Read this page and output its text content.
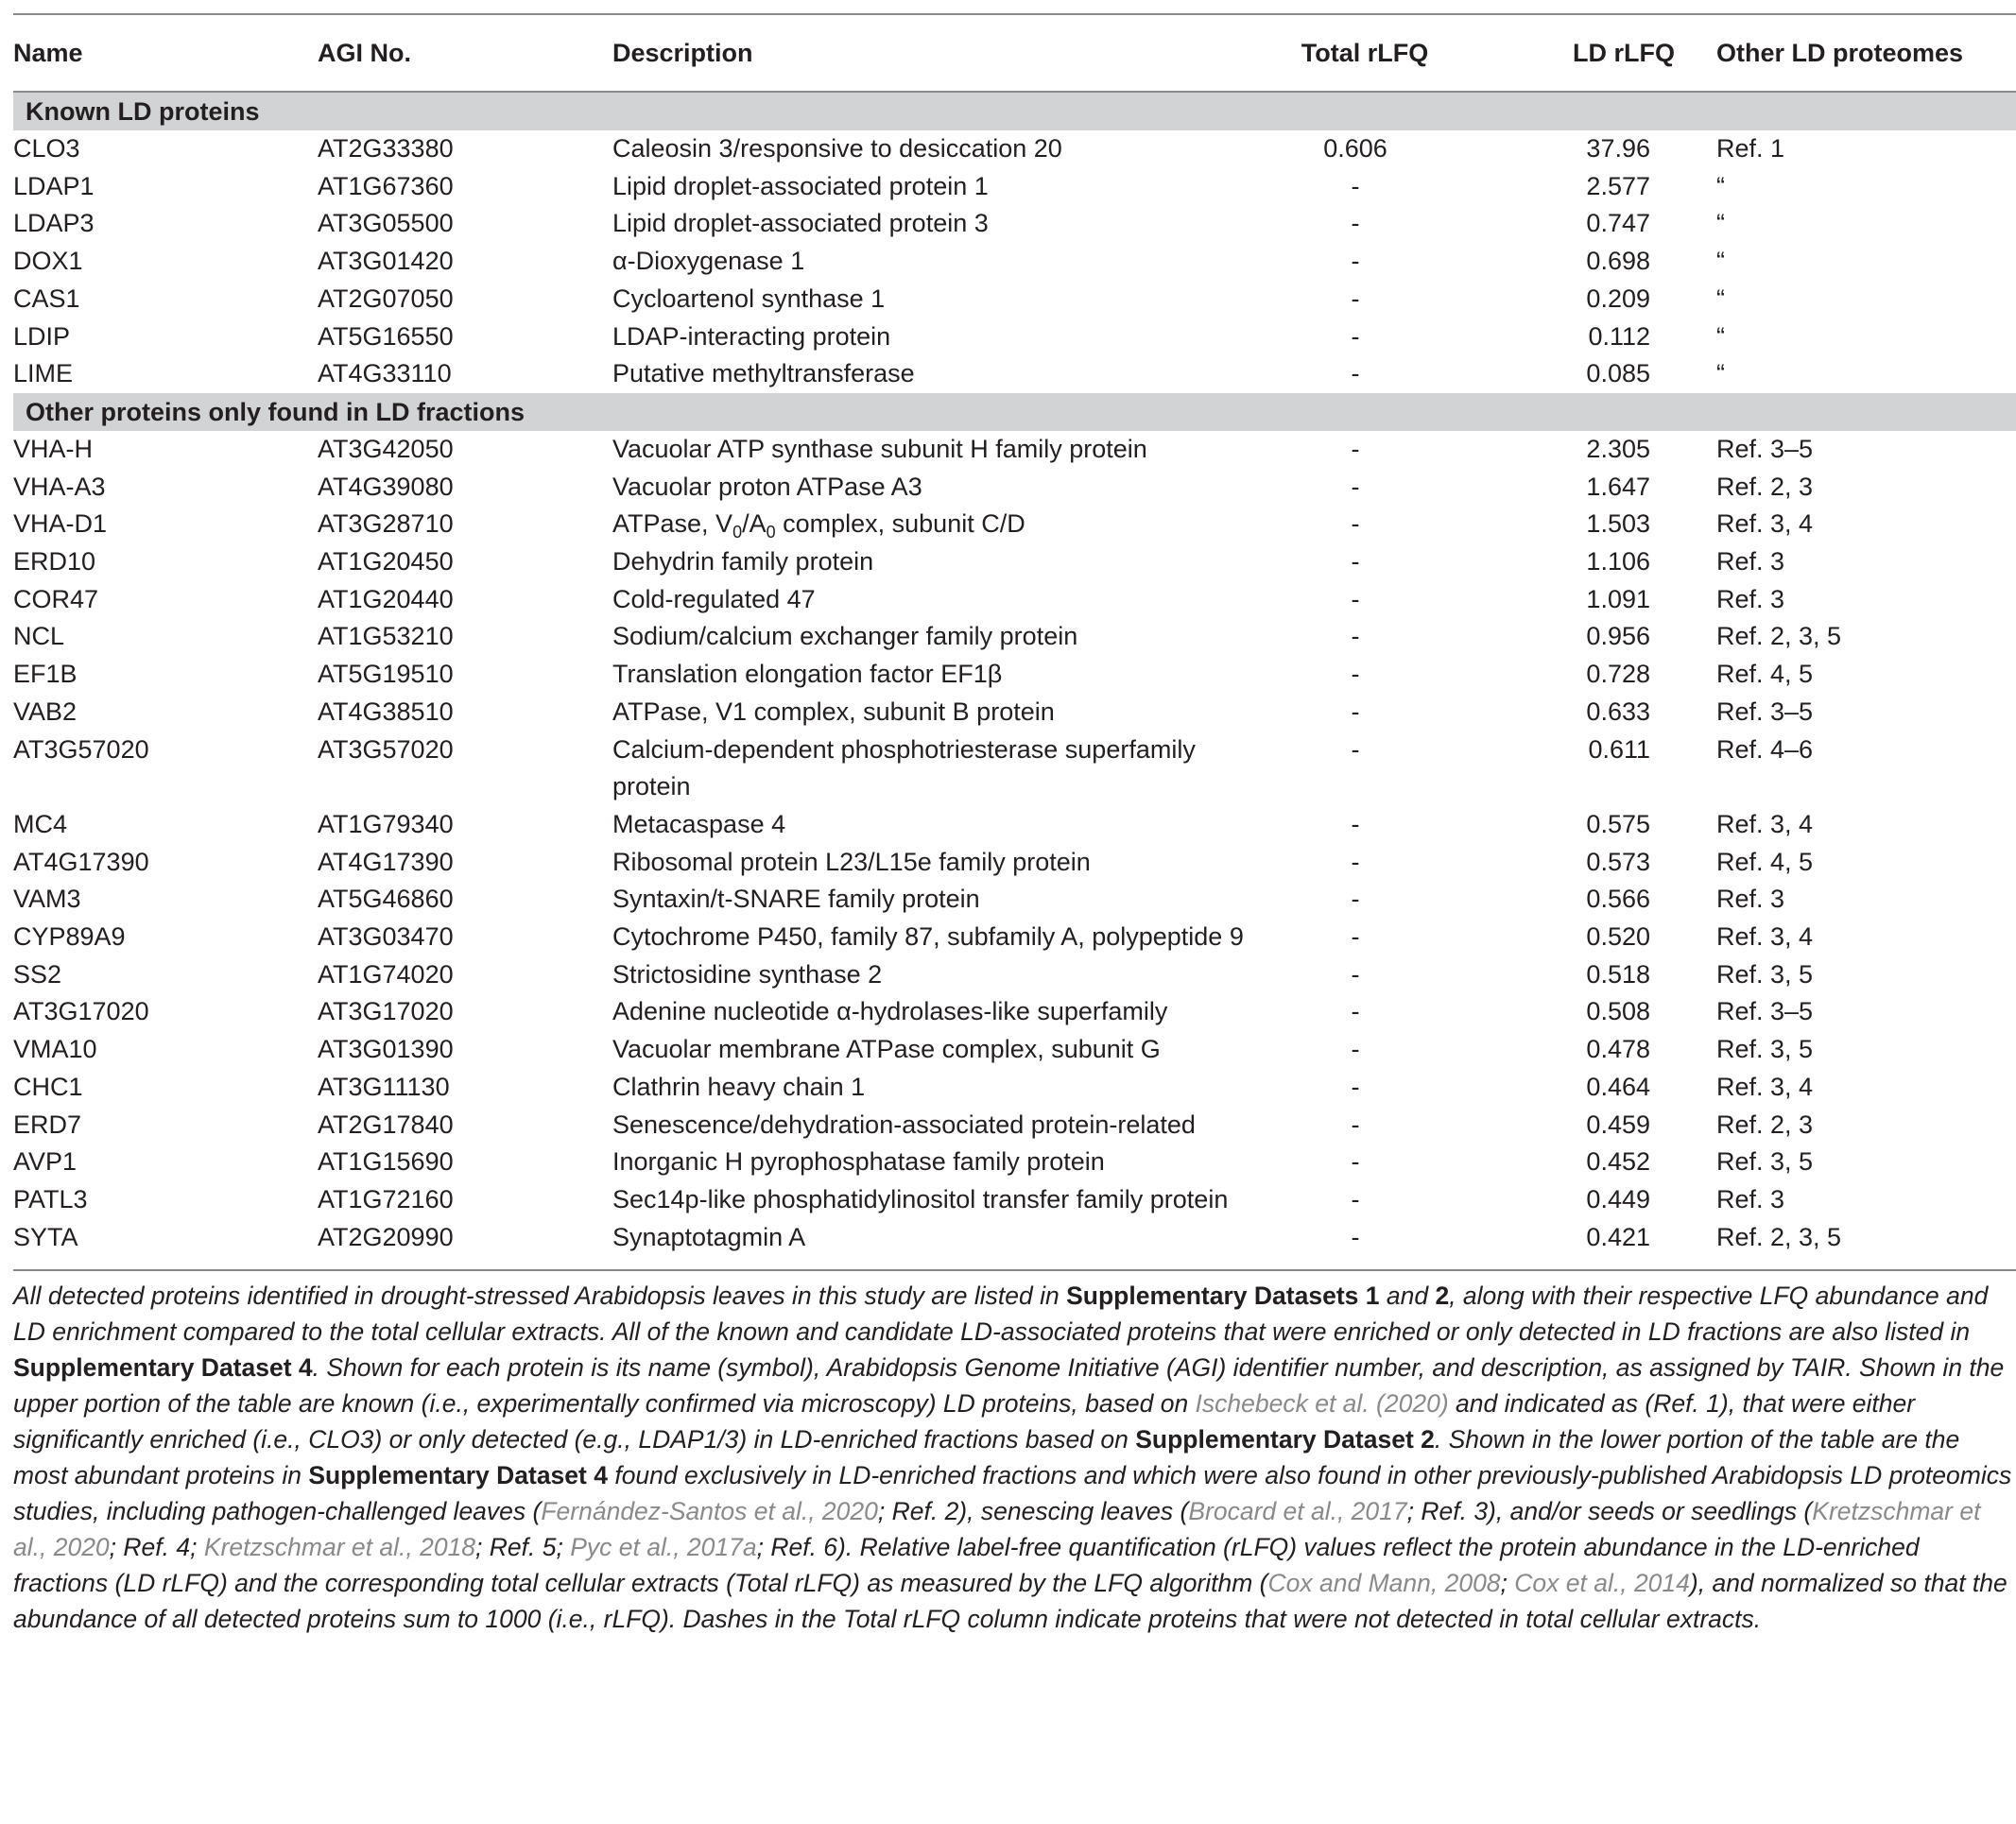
Name	AGI No.	Description	Total rLFQ	LD rLFQ	Other LD proteomes
Known LD proteins					
CLO3	AT2G33380	Caleosin 3/responsive to desiccation 20	0.606	37.96	Ref. 1
LDAP1	AT1G67360	Lipid droplet-associated protein 1	-	2.577	“
LDAP3	AT3G05500	Lipid droplet-associated protein 3	-	0.747	“
DOX1	AT3G01420	α-Dioxygenase 1	-	0.698	“
CAS1	AT2G07050	Cycloartenol synthase 1	-	0.209	“
LDIP	AT5G16550	LDAP-interacting protein	-	0.112	“
LIME	AT4G33110	Putative methyltransferase	-	0.085	“
Other proteins only found in LD fractions					
VHA-H	AT3G42050	Vacuolar ATP synthase subunit H family protein	-	2.305	Ref. 3–5
VHA-A3	AT4G39080	Vacuolar proton ATPase A3	-	1.647	Ref. 2, 3
VHA-D1	AT3G28710	ATPase, $V_0/A_0$ complex, subunit C/D	-	1.503	Ref. 3, 4
ERD10	AT1G20450	Dehydrin family protein	-	1.106	Ref. 3
COR47	AT1G20440	Cold-regulated 47	-	1.091	Ref. 3
NCL	AT1G53210	Sodium/calcium exchanger family protein	-	0.956	Ref. 2, 3, 5
EF1B	AT5G19510	Translation elongation factor EF1β	-	0.728	Ref. 4, 5
VAB2	AT4G38510	ATPase, V1 complex, subunit B protein	-	0.633	Ref. 3–5
AT3G57020	AT3G57020	Calcium-dependent phosphotriesterase superfamily protein	-	0.611	Ref. 4–6
MC4	AT1G79340	Metacaspase 4	-	0.575	Ref. 3, 4
AT4G17390	AT4G17390	Ribosomal protein L23/L15e family protein	-	0.573	Ref. 4, 5
VAM3	AT5G46860	Syntaxin/t-SNARE family protein	-	0.566	Ref. 3
CYP89A9	AT3G03470	Cytochrome P450, family 87, subfamily A, polypeptide 9	-	0.520	Ref. 3, 4
SS2	AT1G74020	Strictosidine synthase 2	-	0.518	Ref. 3, 5
AT3G17020	AT3G17020	Adenine nucleotide α-hydrolases-like superfamily	-	0.508	Ref. 3–5
VMA10	AT3G01390	Vacuolar membrane ATPase complex, subunit G	-	0.478	Ref. 3, 5
CHC1	AT3G11130	Clathrin heavy chain 1	-	0.464	Ref. 3, 4
ERD7	AT2G17840	Senescence/dehydration-associated protein-related	-	0.459	Ref. 2, 3
AVP1	AT1G15690	Inorganic H pyrophosphatase family protein	-	0.452	Ref. 3, 5
PATL3	AT1G72160	Sec14p-like phosphatidylinositol transfer family protein	-	0.449	Ref. 3
SYTA	AT2G20990	Synaptotagmin A	-	0.421	Ref. 2, 3, 5

All detected proteins identified in drought-stressed Arabidopsis leaves in this study are listed in Supplementary Datasets 1 and 2, along with their respective LFQ abundance and LD enrichment compared to the total cellular extracts. All of the known and candidate LD-associated proteins that were enriched or only detected in LD fractions are also listed in Supplementary Dataset 4. Shown for each protein is its name (symbol), Arabidopsis Genome Initiative (AGI) identifier number, and description, as assigned by TAIR. Shown in the upper portion of the table are known (i.e., experimentally confirmed via microscopy) LD proteins, based on Ischebeck et al. (2020) and indicated as (Ref. 1), that were either significantly enriched (i.e., CLO3) or only detected (e.g., LDAP1/3) in LD-enriched fractions based on Supplementary Dataset 2. Shown in the lower portion of the table are the most abundant proteins in Supplementary Dataset 4 found exclusively in LD-enriched fractions and which were also found in other previously-published Arabidopsis LD proteomics studies, including pathogen-challenged leaves (Fernández-Santos et al., 2020; Ref. 2), senescing leaves (Brocard et al., 2017; Ref. 3), and/or seeds or seedlings (Kretzschmar et al., 2020; Ref. 4; Kretzschmar et al., 2018; Ref. 5; Pyc et al., 2017a; Ref. 6). Relative label-free quantification (rLFQ) values reflect the protein abundance in the LD-enriched fractions (LD rLFQ) and the corresponding total cellular extracts (Total rLFQ) as measured by the LFQ algorithm (Cox and Mann, 2008; Cox et al., 2014), and normalized so that the abundance of all detected proteins sum to 1000 (i.e., rLFQ). Dashes in the Total rLFQ column indicate proteins that were not detected in total cellular extracts.
